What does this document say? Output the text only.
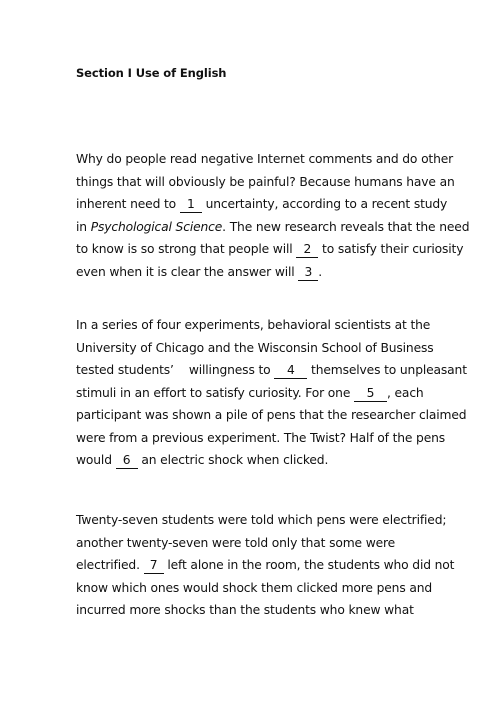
Section I Use of English
Why do people read negative Internet comments and do other
things that will obviously be painful? Because humans have an
inherent need to 1 uncertainty, according to a recent study
in Psychological Science. The new research reveals that the need
to know is so strong that people will 2 to satisfy their curiosity
even when it is clear the answer will 3 .
In a series of four experiments, behavioral scientists at the
University of Chicago and the Wisconsin School of Business
tested students’    willingness to 4 themselves to unpleasant
stimuli in an effort to satisfy curiosity. For one 5 , each
participant was shown a pile of pens that the researcher claimed
were from a previous experiment. The Twist? Half of the pens
would 6 an electric shock when clicked.
Twenty-seven students were told which pens were electrified;
another twenty-seven were told only that some were
electrified. 7 left alone in the room, the students who did not
know which ones would shock them clicked more pens and
incurred more shocks than the students who knew what
